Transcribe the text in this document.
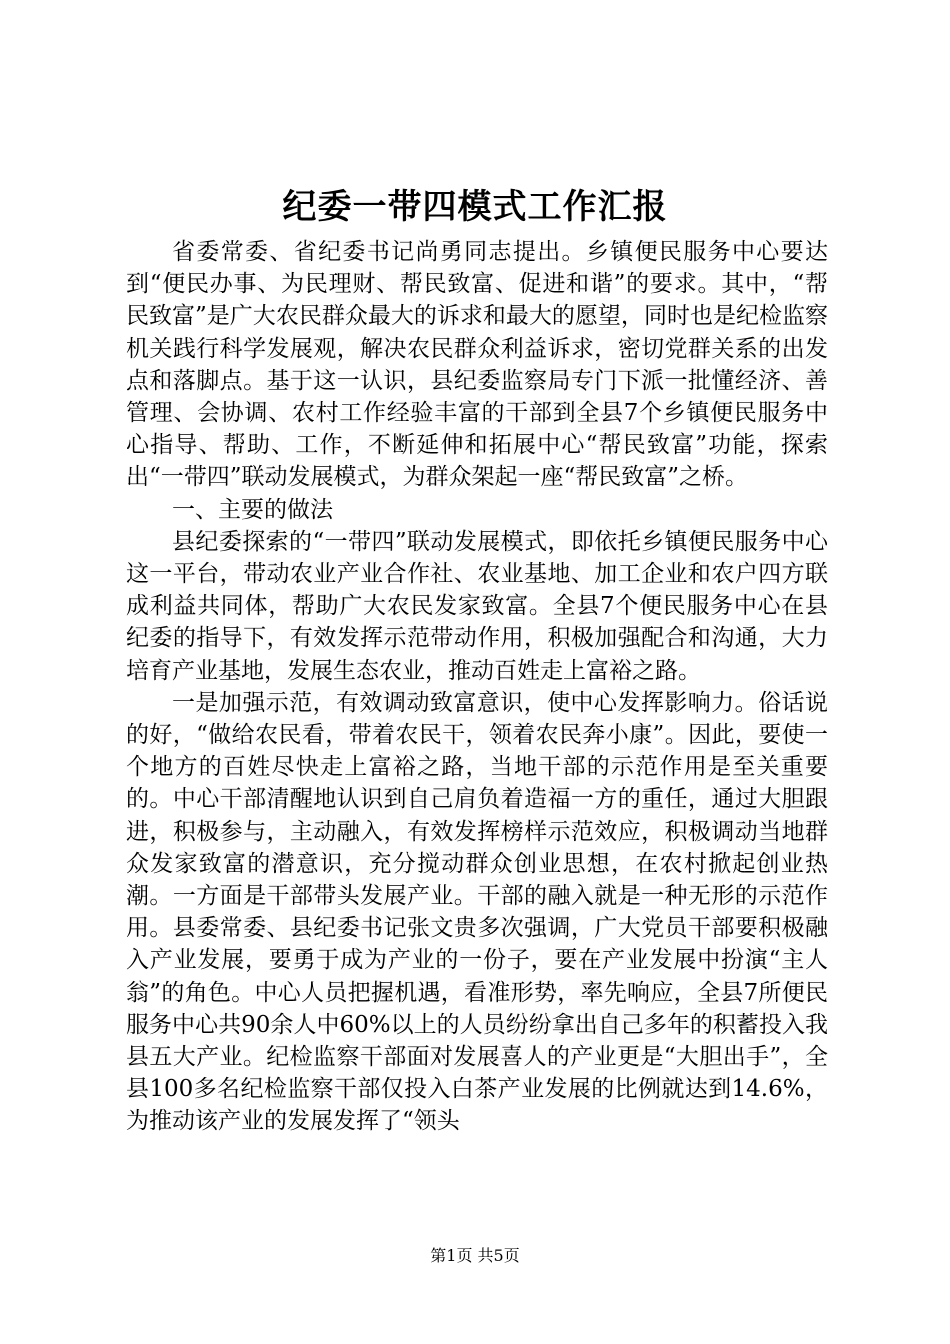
纪委一带四模式工作汇报

省委常委、省纪委书记尚勇同志提出。乡镇便民服务中心要达到“便民办事、为民理财、帮民致富、促进和谐”的要求。其中，“帮民致富”是广大农民群众最大的诉求和最大的愿望，同时也是纪检监察机关践行科学发展观，解决农民群众利益诉求，密切党群关系的出发点和落脚点。基于这一认识，县纪委监察局专门下派一批懂经济、善管理、会协调、农村工作经验丰富的干部到全县7个乡镇便民服务中心指导、帮助、工作，不断延伸和拓展中心“帮民致富”功能，探索出“一带四”联动发展模式，为群众架起一座“帮民致富”之桥。

一、主要的做法

县纪委探索的“一带四”联动发展模式，即依托乡镇便民服务中心这一平台，带动农业产业合作社、农业基地、加工企业和农户四方联成利益共同体，帮助广大农民发家致富。全县7个便民服务中心在县纪委的指导下，有效发挥示范带动作用，积极加强配合和沟通，大力培育产业基地，发展生态农业，推动百姓走上富裕之路。

一是加强示范，有效调动致富意识，使中心发挥影响力。俗话说的好，“做给农民看，带着农民干，领着农民奔小康”。因此，要使一个地方的百姓尽快走上富裕之路，当地干部的示范作用是至关重要的。中心干部清醒地认识到自己肩负着造福一方的重任，通过大胆跟进，积极参与，主动融入，有效发挥榜样示范效应，积极调动当地群众发家致富的潜意识，充分搅动群众创业思想，在农村掀起创业热潮。一方面是干部带头发展产业。干部的融入就是一种无形的示范作用。县委常委、县纪委书记张文贵多次强调，广大党员干部要积极融入产业发展，要勇于成为产业的一份子，要在产业发展中扮演“主人翁”的角色。中心人员把握机遇，看准形势，率先响应，全县7所便民服务中心共90余人中60%以上的人员纷纷拿出自己多年的积蓄投入我县五大产业。纪检监察干部面对发展喜人的产业更是“大胆出手”，全县100多名纪检监察干部仅投入白茶产业发展的比例就达到14.6%，为推动该产业的发展发挥了“领头

第1页 共5页
